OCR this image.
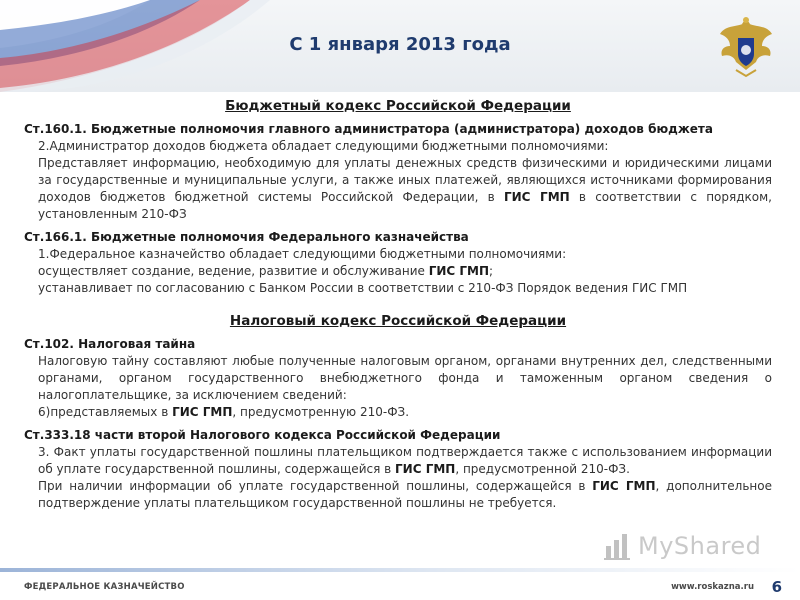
С 1 января 2013 года
Бюджетный кодекс Российской Федерации
Ст.160.1. Бюджетные полномочия главного администратора (администратора) доходов бюджета
2.Администратор доходов бюджета обладает следующими бюджетными полномочиями:
Представляет информацию, необходимую для уплаты денежных средств физическими и юридическими лицами за государственные и муниципальные услуги, а также иных платежей, являющихся источниками формирования доходов бюджетов бюджетной системы Российской Федерации, в ГИС ГМП в соответствии с порядком, установленным 210-ФЗ
Ст.166.1. Бюджетные полномочия Федерального казначейства
1.Федеральное казначейство обладает следующими бюджетными полномочиями:
осуществляет создание, ведение, развитие и обслуживание ГИС ГМП;
устанавливает по согласованию с Банком России в соответствии с 210-ФЗ Порядок ведения ГИС ГМП
Налоговый кодекс Российской Федерации
Ст.102. Налоговая тайна
Налоговую тайну составляют любые полученные налоговым органом, органами внутренних дел, следственными органами, органом государственного внебюджетного фонда и таможенным органом сведения о налогоплательщике, за исключением сведений:
6)представляемых в ГИС ГМП, предусмотренную 210-ФЗ.
Ст.333.18 части второй Налогового кодекса Российской Федерации
3. Факт уплаты государственной пошлины плательщиком подтверждается также с использованием информации об уплате государственной пошлины, содержащейся в ГИС ГМП, предусмотренной 210-ФЗ.
При наличии информации об уплате государственной пошлины, содержащейся в ГИС ГМП, дополнительное подтверждение уплаты плательщиком государственной пошлины не требуется.
MyShared
ФЕДЕРАЛЬНОЕ КАЗНАЧЕЙСТВО	www.roskazna.ru 6
